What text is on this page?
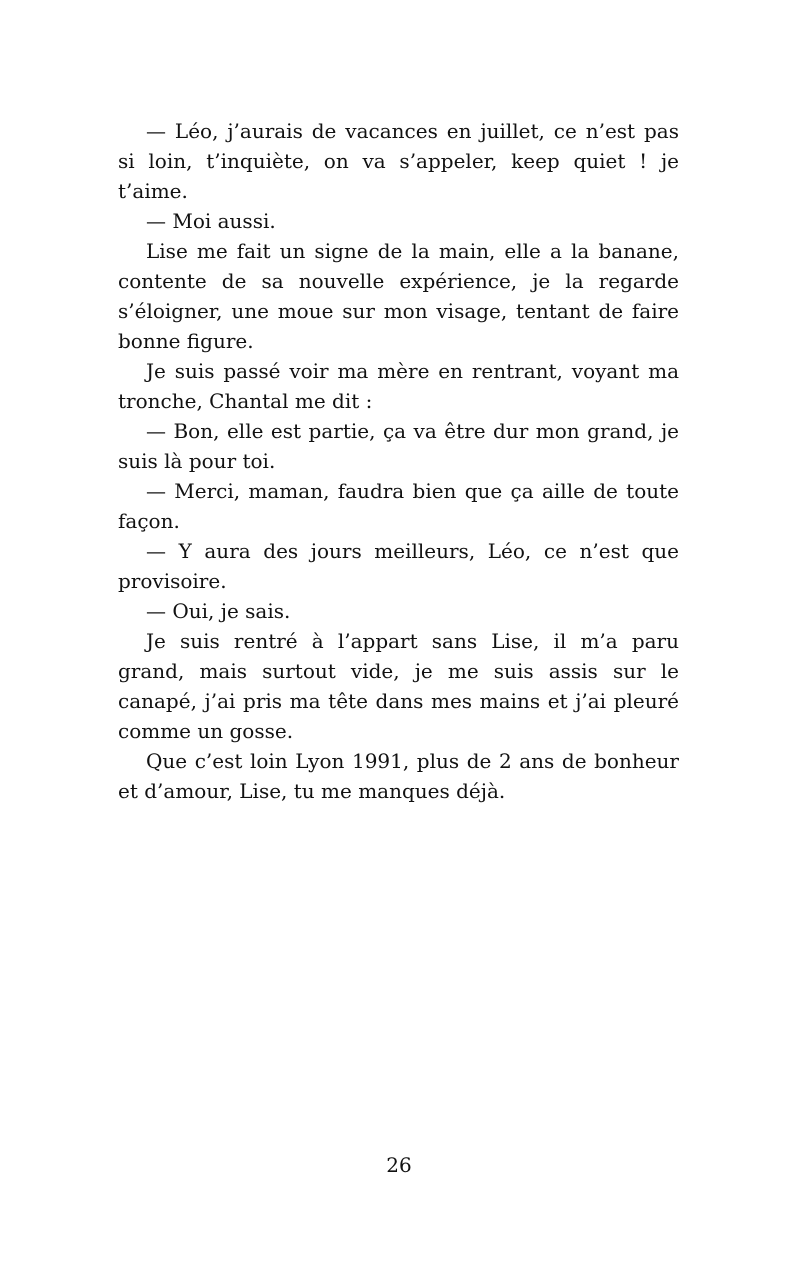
— Léo, j’aurais de vacances en juillet, ce n’est pas si loin, t’inquiète, on va s’appeler, keep quiet ! je t’aime.

— Moi aussi.

Lise me fait un signe de la main, elle a la banane, contente de sa nouvelle expérience, je la regarde s’éloigner, une moue sur mon visage, tentant de faire bonne figure.

Je suis passé voir ma mère en rentrant, voyant ma tronche, Chantal me dit :

— Bon, elle est partie, ça va être dur mon grand, je suis là pour toi.

— Merci, maman, faudra bien que ça aille de toute façon.

— Y aura des jours meilleurs, Léo, ce n’est que provisoire.

— Oui, je sais.

Je suis rentré à l’appart sans Lise, il m’a paru grand, mais surtout vide, je me suis assis sur le canapé, j’ai pris ma tête dans mes mains et j’ai pleuré comme un gosse.

Que c’est loin Lyon 1991, plus de 2 ans de bonheur et d’amour, Lise, tu me manques déjà.

26
